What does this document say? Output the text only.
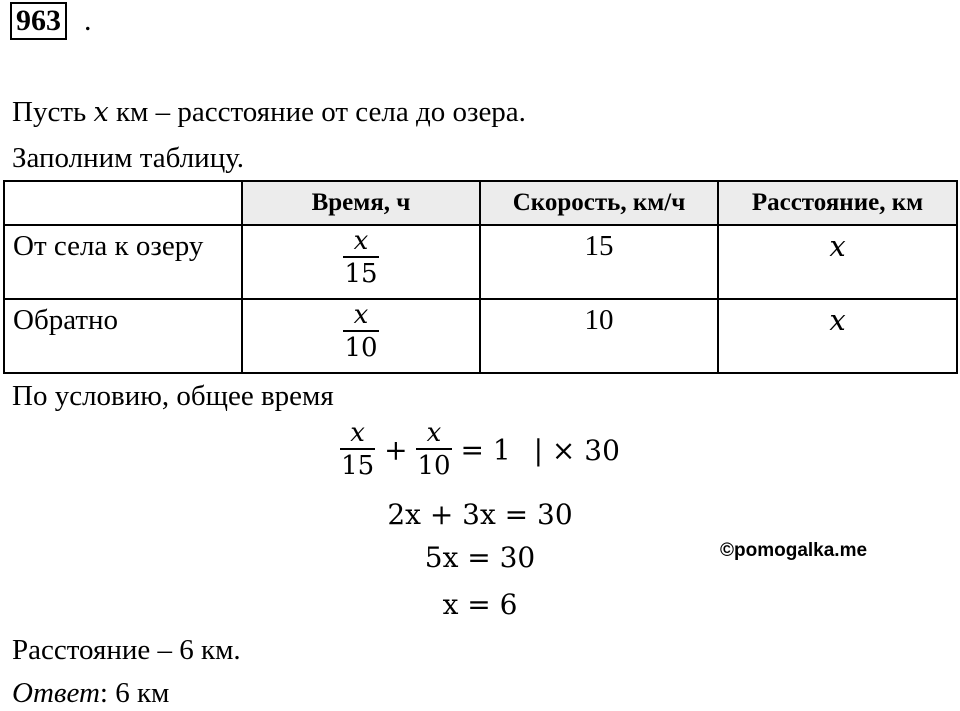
963 .
Пусть x км – расстояние от села до озера.
Заполним таблицу.
	Время, ч	Скорость, км/ч	Расстояние, км
От села к озеру	$\frac{x}{15}$	15	x
Обратно	$\frac{x}{10}$	10	x
По условию, общее время
$\frac{x}{15} + \frac{x}{10} = 1$ | × 30
2x + 3x = 30
5x = 30
x = 6
©pomogalka.me
Расстояние – 6 км.
Ответ: 6 км
